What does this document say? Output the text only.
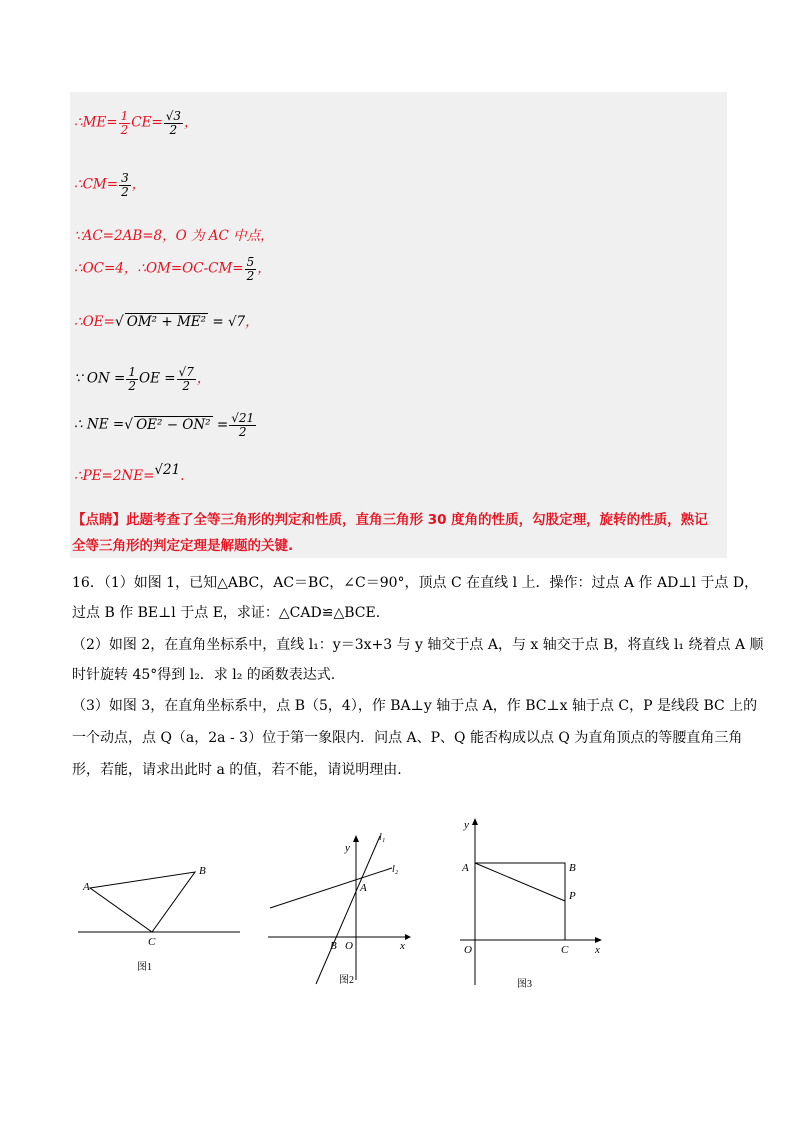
∴ME= $\frac{1}{2} CE= \frac{√3}{2}$ ，
∴CM= $\frac{3}{2}$ ，
∵AC=2AB=8，O 为 AC 中点，
∴OC=4，∴OM=OC-CM= $\frac{5}{2}$ ，
∴OE=√ OM² + ME² = √7，
∵ ON = $\frac{1}{2}$ OE = $\frac{√7}{2}$ ，
∴ NE =√ $OE^2 - ON^2 = \frac{√21}{2}$
∴PE=2NE=√21.
【点睛】此题考查了全等三角形的判定和性质，直角三角形 30 度角的性质，勾股定理，旋转的性质，熟记
全等三角形的判定定理是解题的关键.
16．（1）如图 1，已知△ABC，AC＝BC，∠C＝90°，顶点 C 在直线 l 上．操作：过点 A 作 AD⊥l 于点 D，
过点 B 作 BE⊥l 于点 E，求证：△CAD≌△BCE.
（2）如图 2，在直角坐标系中，直线 l₁：y＝3x+3 与 y 轴交于点 A，与 x 轴交于点 B，将直线 l₁ 绕着点 A 顺
时针旋转 45°得到 l₂．求 l₂ 的函数表达式.
（3）如图 3，在直角坐标系中，点 B（5，4），作 BA⊥y 轴于点 A，作 BC⊥x 轴于点 C，P 是线段 BC 上的
一个动点，点 Q（a，2a - 3）位于第一象限内．问点 A、P、Q 能否构成以点 Q 为直角顶点的等腰直角三角
形，若能，请求出此时 a 的值，若不能，请说明理由.
A
B
C
图1
y
l₁
l₂
A
B O	x
图2
y
A	B
P
O	C x
图3
